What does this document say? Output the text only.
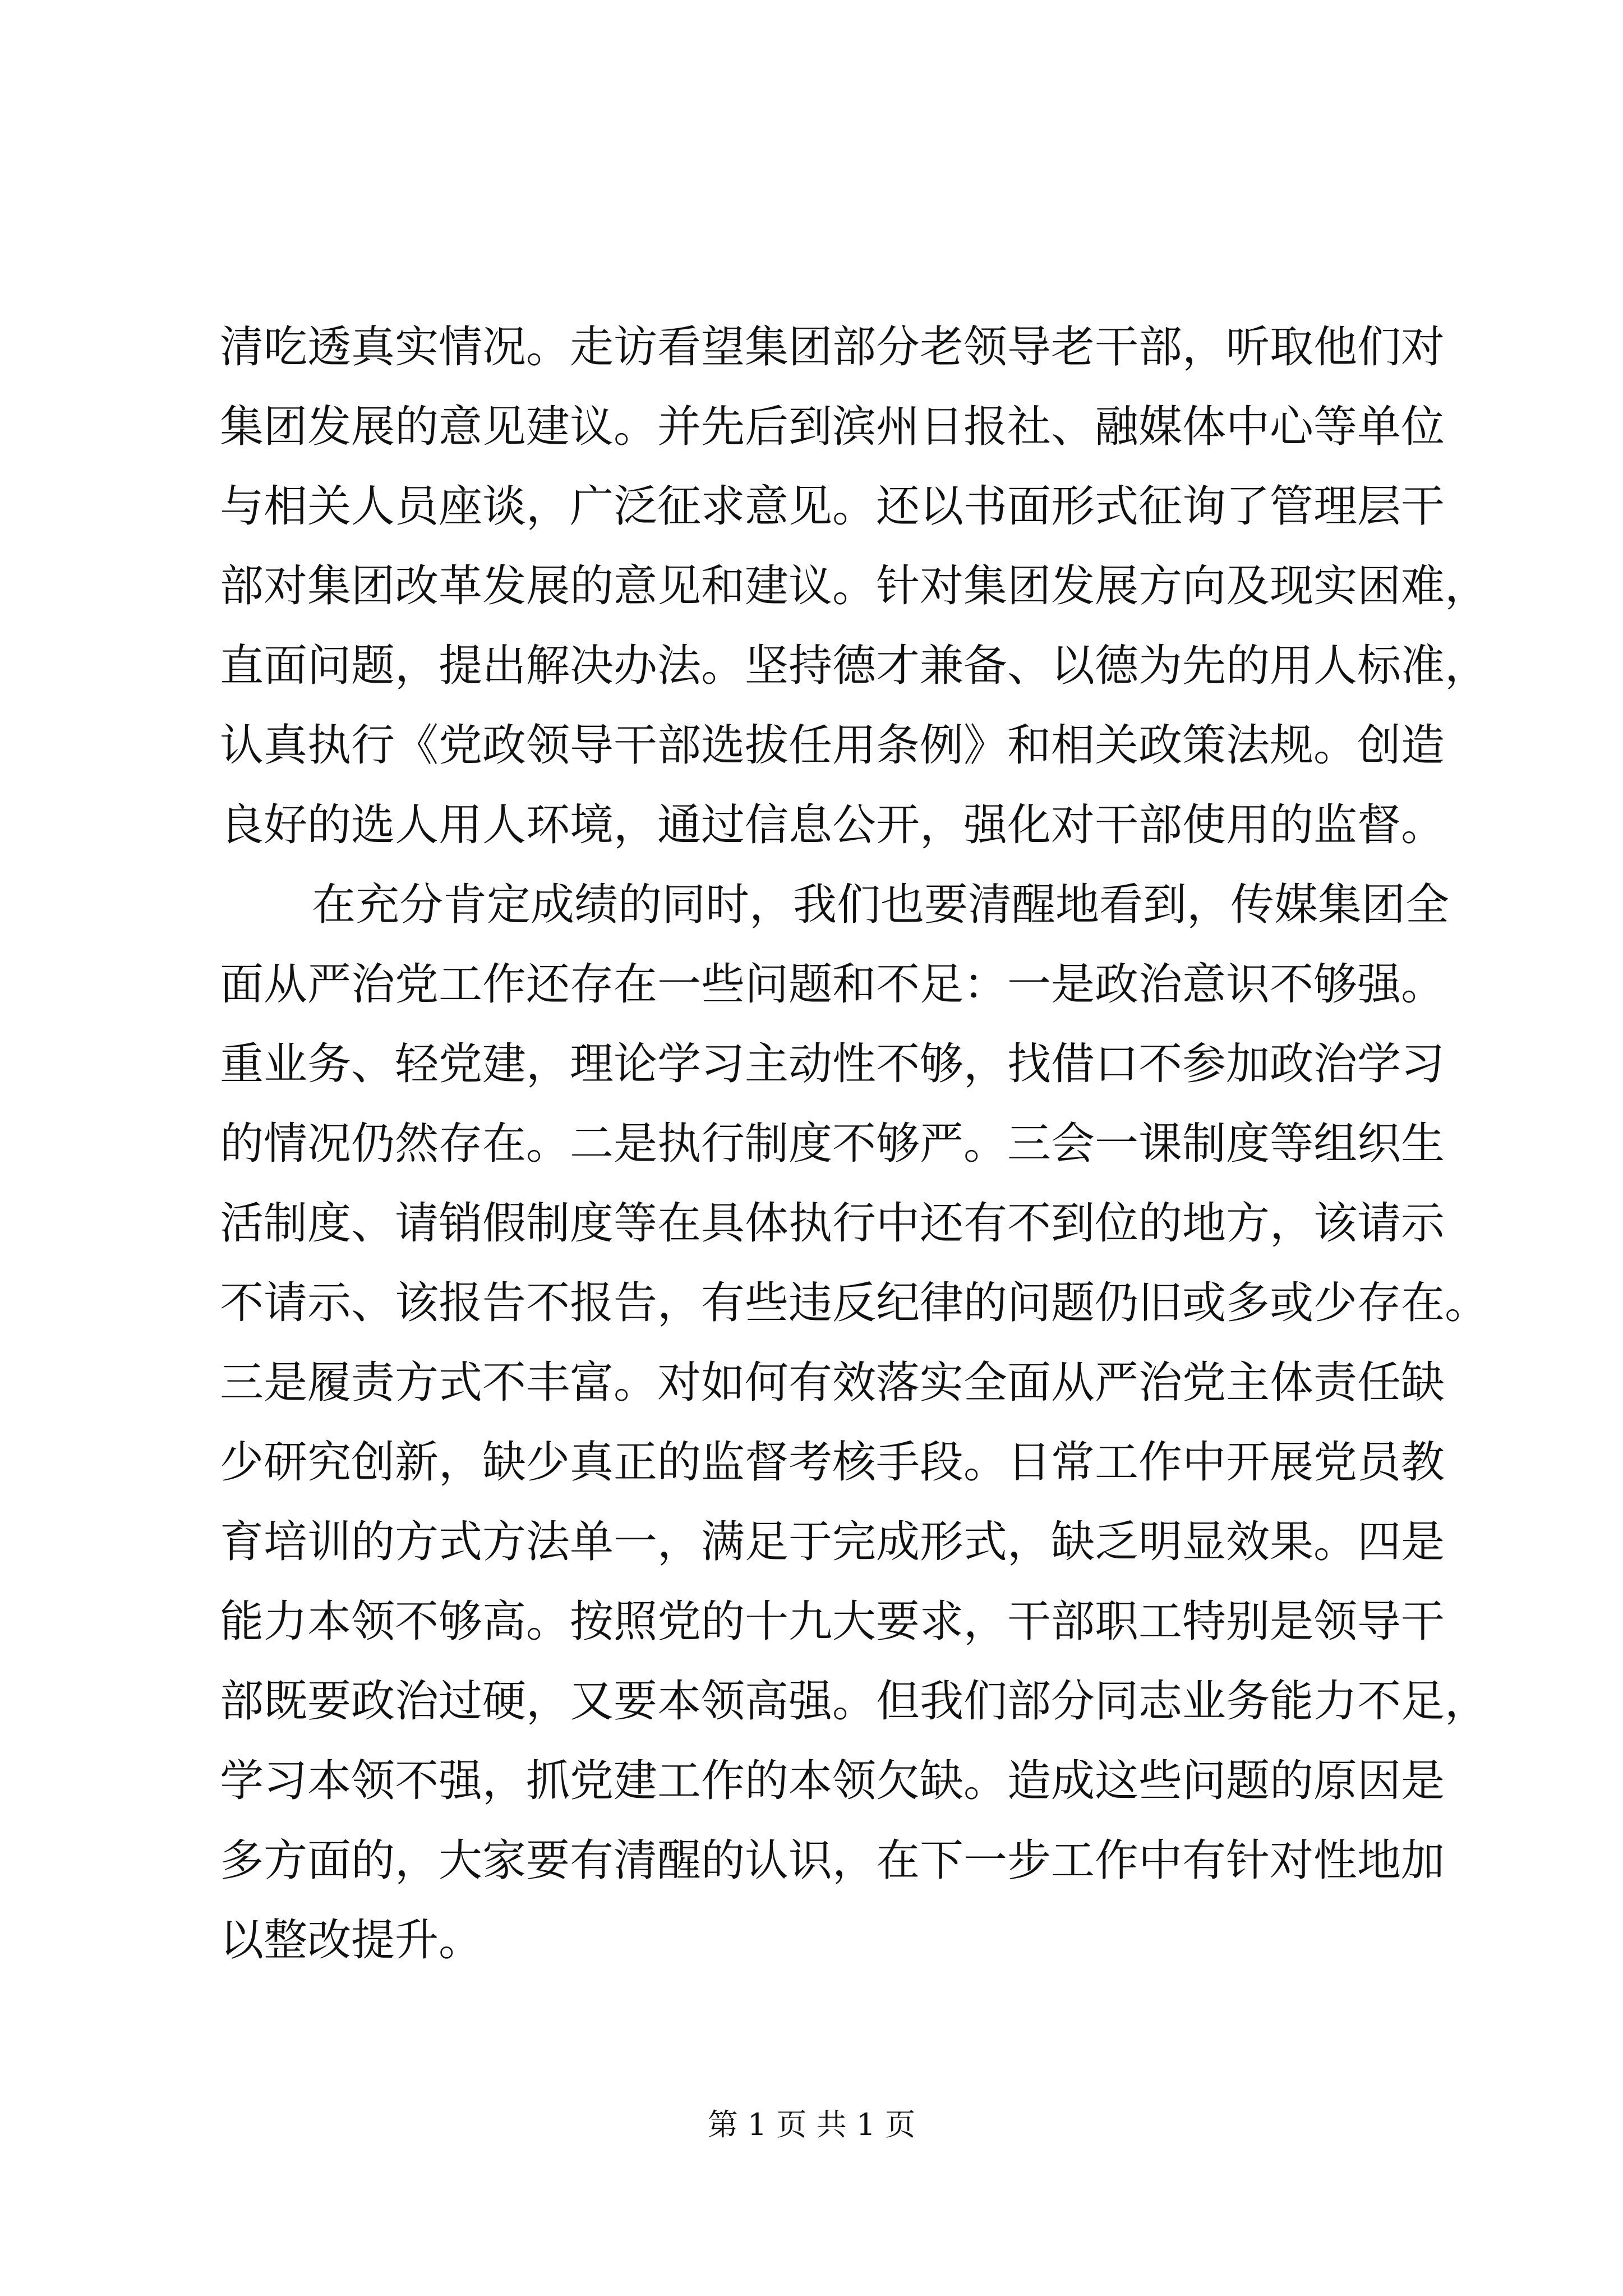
清吃透真实情况。走访看望集团部分老领导老干部，听取他们对
集团发展的意见建议。并先后到滨州日报社、融媒体中心等单位
与相关人员座谈，广泛征求意见。还以书面形式征询了管理层干
部对集团改革发展的意见和建议。针对集团发展方向及现实困难，
直面问题，提出解决办法。坚持德才兼备、以德为先的用人标准，
认真执行《党政领导干部选拔任用条例》和相关政策法规。创造
良好的选人用人环境，通过信息公开，强化对干部使用的监督。
在充分肯定成绩的同时，我们也要清醒地看到，传媒集团全
面从严治党工作还存在一些问题和不足：一是政治意识不够强。
重业务、轻党建，理论学习主动性不够，找借口不参加政治学习
的情况仍然存在。二是执行制度不够严。三会一课制度等组织生
活制度、请销假制度等在具体执行中还有不到位的地方，该请示
不请示、该报告不报告，有些违反纪律的问题仍旧或多或少存在。
三是履责方式不丰富。对如何有效落实全面从严治党主体责任缺
少研究创新，缺少真正的监督考核手段。日常工作中开展党员教
育培训的方式方法单一，满足于完成形式，缺乏明显效果。四是
能力本领不够高。按照党的十九大要求，干部职工特别是领导干
部既要政治过硬，又要本领高强。但我们部分同志业务能力不足，
学习本领不强，抓党建工作的本领欠缺。造成这些问题的原因是
多方面的，大家要有清醒的认识，在下一步工作中有针对性地加
以整改提升。
第 1 页 共 1 页
